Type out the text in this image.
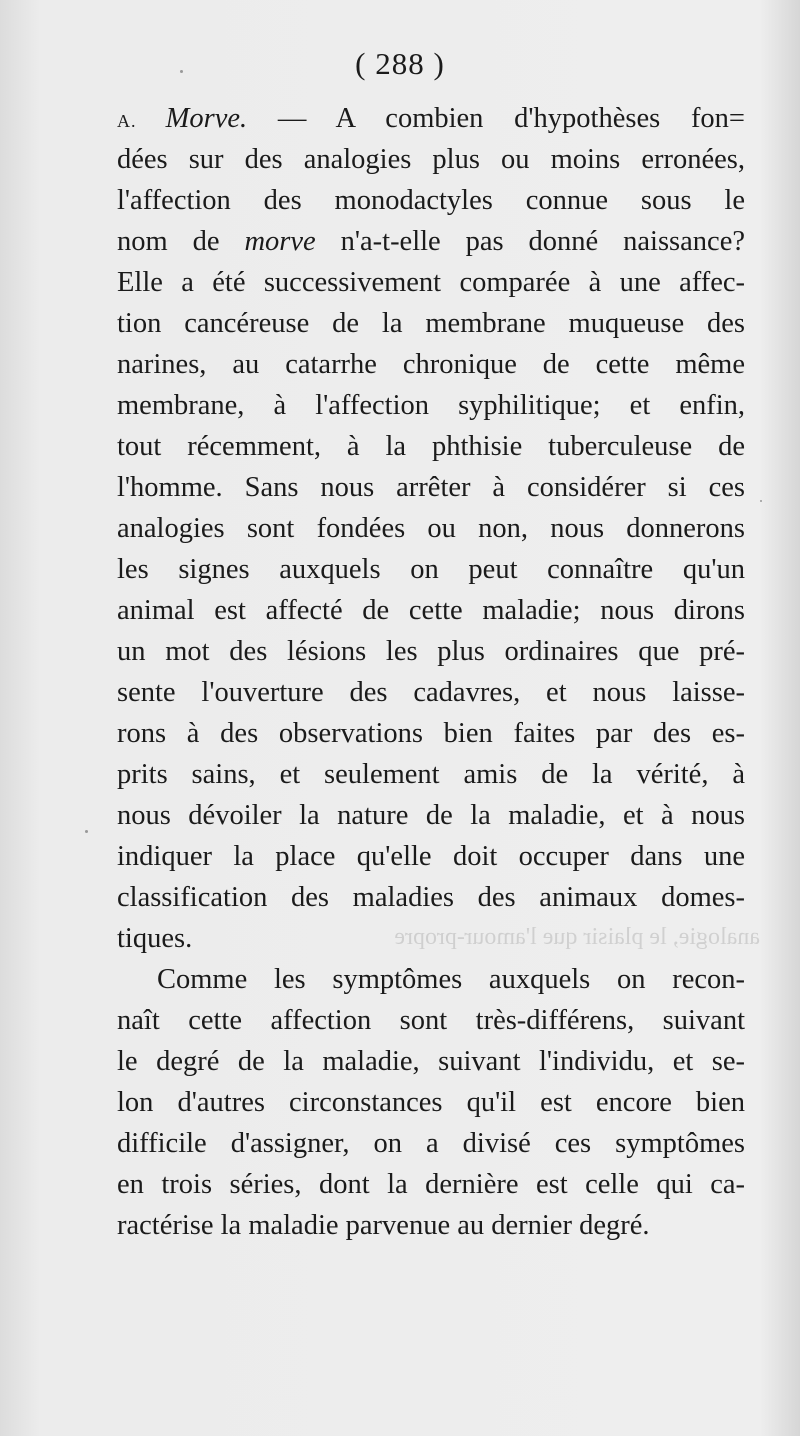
( 288 )
analogie, le plaisir que l'amour-propre
A. Morve. — A combien d'hypothèses fon=
dées sur des analogies plus ou moins erronées,
l'affection des monodactyles connue sous le
nom de morve n'a-t-elle pas donné naissance?
Elle a été successivement comparée à une affec-
tion cancéreuse de la membrane muqueuse des
narines, au catarrhe chronique de cette même
membrane, à l'affection syphilitique; et enfin,
tout récemment, à la phthisie tuberculeuse de
l'homme. Sans nous arrêter à considérer si ces
analogies sont fondées ou non, nous donnerons
les signes auxquels on peut connaître qu'un
animal est affecté de cette maladie; nous dirons
un mot des lésions les plus ordinaires que pré-
sente l'ouverture des cadavres, et nous laisse-
rons à des observations bien faites par des es-
prits sains, et seulement amis de la vérité, à
nous dévoiler la nature de la maladie, et à nous
indiquer la place qu'elle doit occuper dans une
classification des maladies des animaux domes-
tiques.
Comme les symptômes auxquels on recon-
naît cette affection sont très-différens, suivant
le degré de la maladie, suivant l'individu, et se-
lon d'autres circonstances qu'il est encore bien
difficile d'assigner, on a divisé ces symptômes
en trois séries, dont la dernière est celle qui ca-
ractérise la maladie parvenue au dernier degré.
